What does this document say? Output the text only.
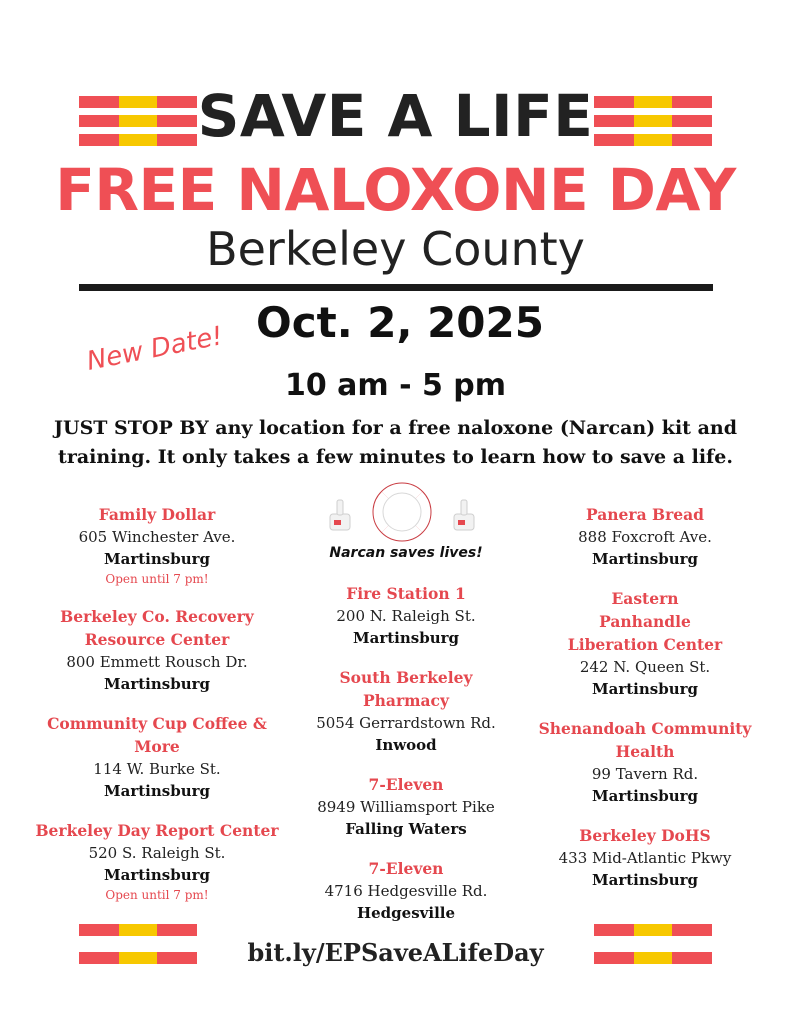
SAVE A LIFE
FREE NALOXONE DAY
Berkeley County
New Date! Oct. 2, 2025
10 am - 5 pm
JUST STOP BY any location for a free naloxone (Narcan) kit and training. It only takes a few minutes to learn how to save a life.
Narcan saves lives!
Family Dollar
605 Winchester Ave.
Martinsburg
Open until 7 pm!
Berkeley Co. Recovery Resource Center
800 Emmett Rousch Dr.
Martinsburg
Community Cup Coffee & More
114 W. Burke St.
Martinsburg
Berkeley Day Report Center
520 S. Raleigh St.
Martinsburg
Open until 7 pm!
Fire Station 1
200 N. Raleigh St.
Martinsburg
South Berkeley Pharmacy
5054 Gerrardstown Rd.
Inwood
7-Eleven
8949 Williamsport Pike
Falling Waters
7-Eleven
4716 Hedgesville Rd.
Hedgesville
Panera Bread
888 Foxcroft Ave.
Martinsburg
Eastern Panhandle Liberation Center
242 N. Queen St.
Martinsburg
Shenandoah Community Health
99 Tavern Rd.
Martinsburg
Berkeley DoHS
433 Mid-Atlantic Pkwy
Martinsburg
bit.ly/EPSaveALifeDay
